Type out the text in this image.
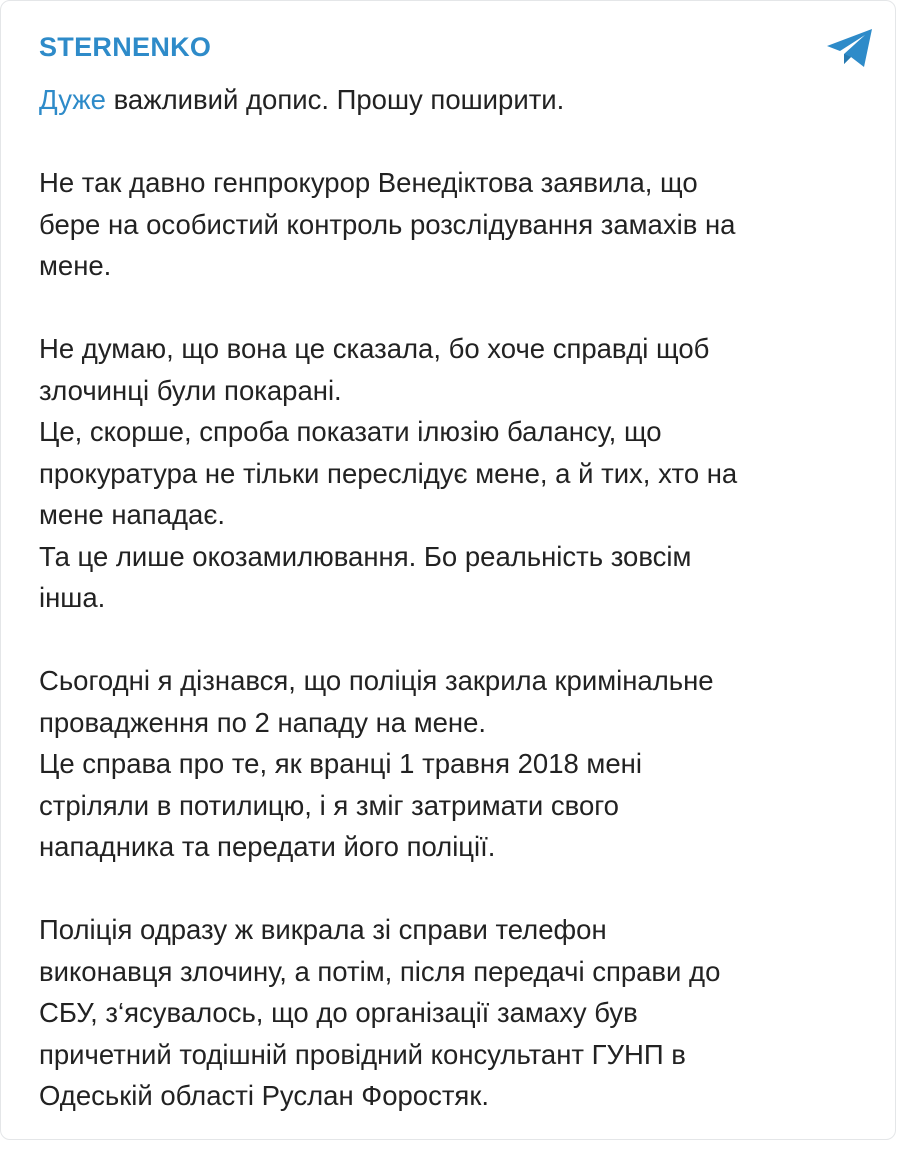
STERNENKO

Дуже важливий допис. Прошу поширити.

Не так давно генпрокурор Венедіктова заявила, що
бере на особистий контроль розслідування замахів на
мене.

Не думаю, що вона це сказала, бо хоче справді щоб
злочинці були покарані.
Це, скорше, спроба показати ілюзію балансу, що
прокуратура не тільки переслідує мене, а й тих, хто на
мене нападає.
Та це лише окозамилювання. Бо реальність зовсім
інша.

Сьогодні я дізнався, що поліція закрила кримінальне
провадження по 2 нападу на мене.
Це справа про те, як вранці 1 травня 2018 мені
стріляли в потилицю, і я зміг затримати свого
нападника та передати його поліції.

Поліція одразу ж викрала зі справи телефон
виконавця злочину, а потім, після передачі справи до
СБУ, з‘ясувалось, що до організації замаху був
причетний тодішній провідний консультант ГУНП в
Одеській області Руслан Форостяк.
